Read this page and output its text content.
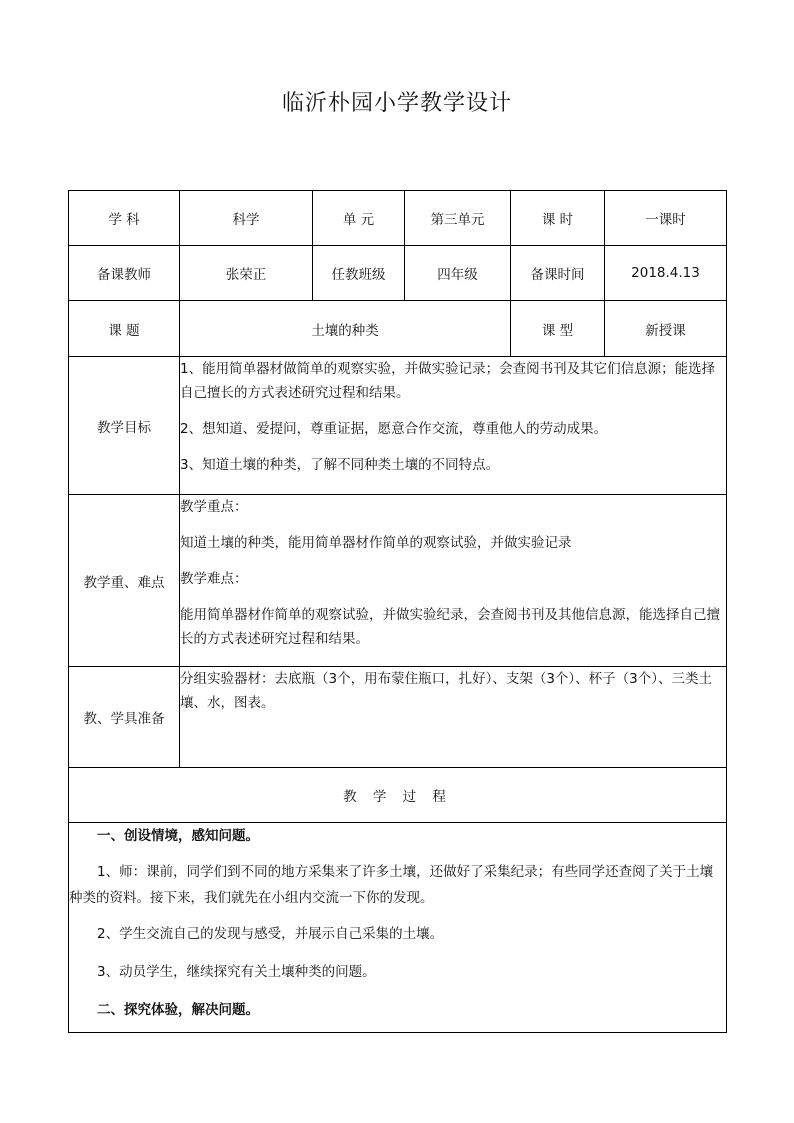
临沂朴园小学教学设计
学 科	科学	单 元	第三单元	课 时	一课时
备课教师	张荣正	任教班级	四年级	备课时间	2018.4.13
课 题	土壤的种类			课 型	新授课
教学目标	1、能用简单器材做简单的观察实验，并做实验记录；会查阅书刊及其它们信息源；能选择自己擅长的方式表述研究过程和结果。

2、想知道、爱提问，尊重证据，愿意合作交流，尊重他人的劳动成果。

3、知道土壤的种类，了解不同种类土壤的不同特点。				

教学重、难点	教学重点：

知道土壤的种类，能用简单器材作简单的观察试验，并做实验记录

教学难点：

能用简单器材作简单的观察试验，并做实验纪录，会查阅书刊及其他信息源，能选择自己擅长的方式表述研究过程和结果。				

教、学具准备	分组实验器材：去底瓶（3个，用布蒙住瓶口，扎好）、支架（3个）、杯子（3个）、三类土壤、水，图表。				

教 学 过 程					

一、创设情境，感知问题。

1、师：课前，同学们到不同的地方采集来了许多土壤，还做好了采集纪录；有些同学还查阅了关于土壤种类的资料。接下来，我们就先在小组内交流一下你的发现。

2、学生交流自己的发现与感受，并展示自己采集的土壤。

3、动员学生，继续探究有关土壤种类的问题。

二、探究体验，解决问题。					
